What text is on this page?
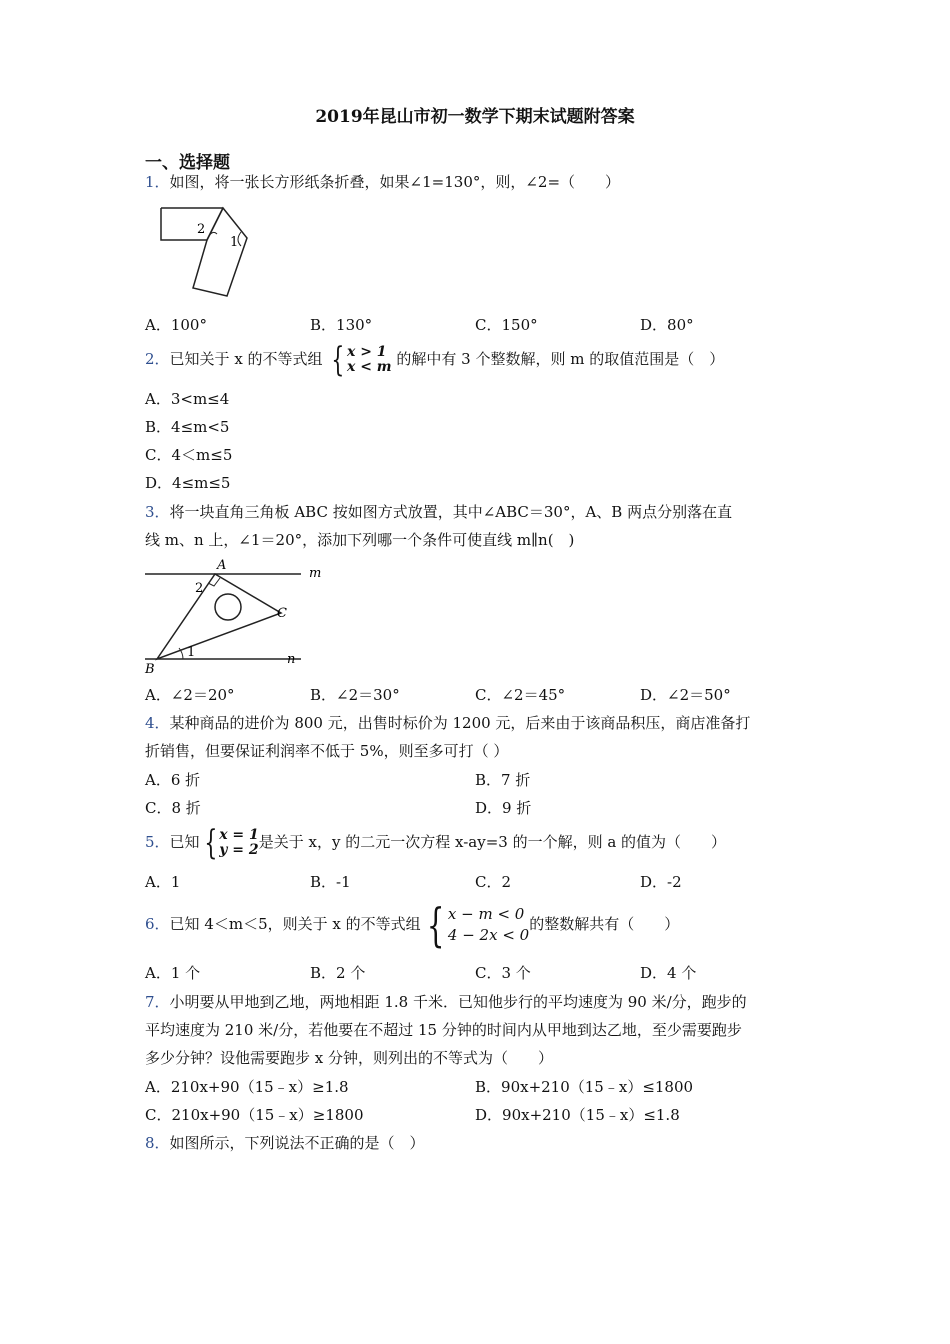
2019年昆山市初一数学下期末试题附答案
一、选择题
1．如图，将一张长方形纸条折叠，如果∠1=130°，则，∠2=（　　）
2
1
A．100°	B．130°	C．150°	D．80°
2．已知关于 x 的不等式组 { x > 1
x < m 的解中有 3 个整数解，则 m 的取值范围是（　）
A．3<m≤4
B．4≤m<5
C．4＜m≤5
D．4≤m≤5
3．将一块直角三角板 ABC 按如图方式放置，其中∠ABC＝30°，A、B 两点分别落在直
线 m、n 上，∠1＝20°，添加下列哪一个条件可使直线 m∥n(　)
A
2
C
1
B
m
n
A．∠2＝20°	B．∠2＝30°	C．∠2＝45°	D．∠2＝50°
4．某种商品的进价为 800 元，出售时标价为 1200 元，后来由于该商品积压，商店准备打
折销售，但要保证利润率不低于 5%，则至多可打（ ）
A．6 折	B．7 折
C．8 折	D．9 折
5．已知 { x = 1
y = 2 是关于 x，y 的二元一次方程 x-ay=3 的一个解，则 a 的值为（　　）
A．1	B．-1	C．2	D．-2
6．已知 4＜m＜5，则关于 x 的不等式组 { x − m < 0
4 − 2x < 0
的整数解共有（　　）
A．1 个	B．2 个	C．3 个	D．4 个
7．小明要从甲地到乙地，两地相距 1.8 千米．已知他步行的平均速度为 90 米/分，跑步的
平均速度为 210 米/分，若他要在不超过 15 分钟的时间内从甲地到达乙地，至少需要跑步
多少分钟？设他需要跑步 x 分钟，则列出的不等式为（　　）
A．210x+90（15﹣x）≥1.8	B．90x+210（15﹣x）≤1800
C．210x+90（15﹣x）≥1800	D．90x+210（15﹣x）≤1.8
8．如图所示，下列说法不正确的是（　）
